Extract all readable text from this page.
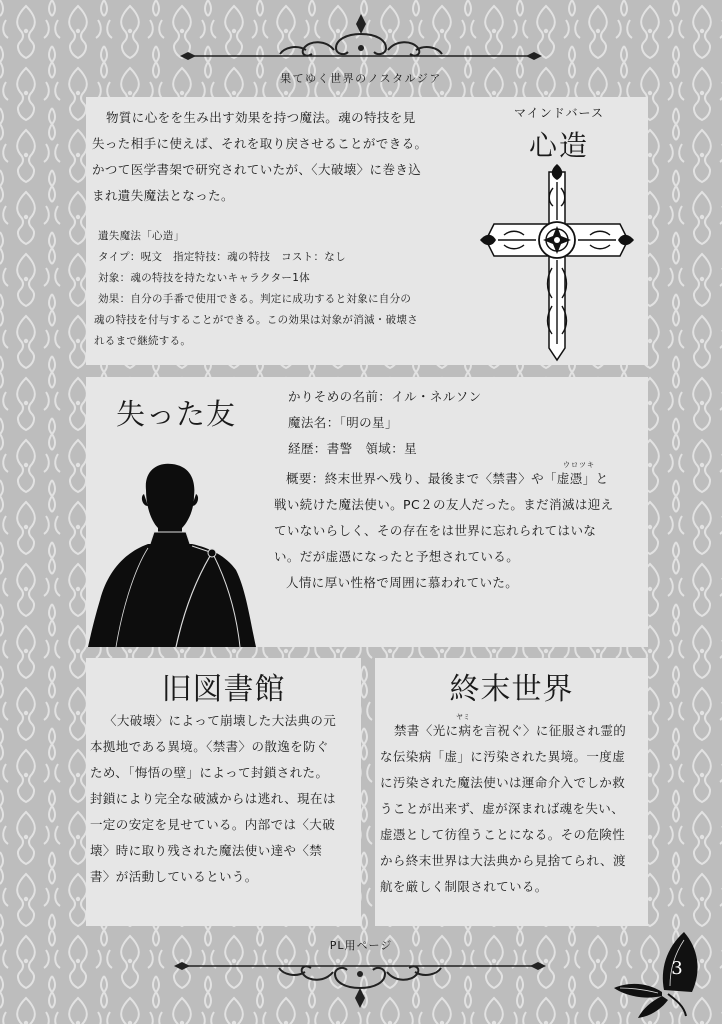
果てゆく世界のノスタルジア
物質に心をを生み出す効果を持つ魔法。魂の特技を見
失った相手に使えば、それを取り戻させることができる。
かつて医学書架で研究されていたが、〈大破壊〉に巻き込
まれ遺失魔法となった。
遺失魔法「心造」
タイプ：呪文　指定特技：魂の特技　コスト：なし
対象：魂の特技を持たないキャラクター1体
効果：自分の手番で使用できる。判定に成功すると対象に自分の
魂の特技を付与することができる。この効果は対象が消滅・破壊さ
れるまで継続する。
マインドバース
心造
失った友
かりそめの名前：イル・ネルソン
魔法名：「明の星」
経歴：書警　領域：星
ウロツキ
概要：終末世界へ残り、最後まで〈禁書〉や「虚憑」と
戦い続けた魔法使い。PC２の友人だった。まだ消滅は迎え
ていないらしく、その存在をは世界に忘れられてはいな
い。だが虚憑になったと予想されている。
人情に厚い性格で周囲に慕われていた。
旧図書館
〈大破壊〉によって崩壊した大法典の元
本拠地である異境。〈禁書〉の散逸を防ぐ
ため、「悔悟の壁」によって封鎖された。
封鎖により完全な破滅からは逃れ、現在は
一定の安定を見せている。内部では〈大破
壊〉時に取り残された魔法使い達や〈禁
書〉が活動しているという。
終末世界
ヤミ
禁書〈光に病を言祝ぐ〉に征服され霊的
な伝染病「虚」に汚染された異境。一度虚
に汚染された魔法使いは運命介入でしか救
うことが出来ず、虚が深まれば魂を失い、
虚憑として彷徨うことになる。その危険性
から終末世界は大法典から見捨てられ、渡
航を厳しく制限されている。
PL用ページ
3
